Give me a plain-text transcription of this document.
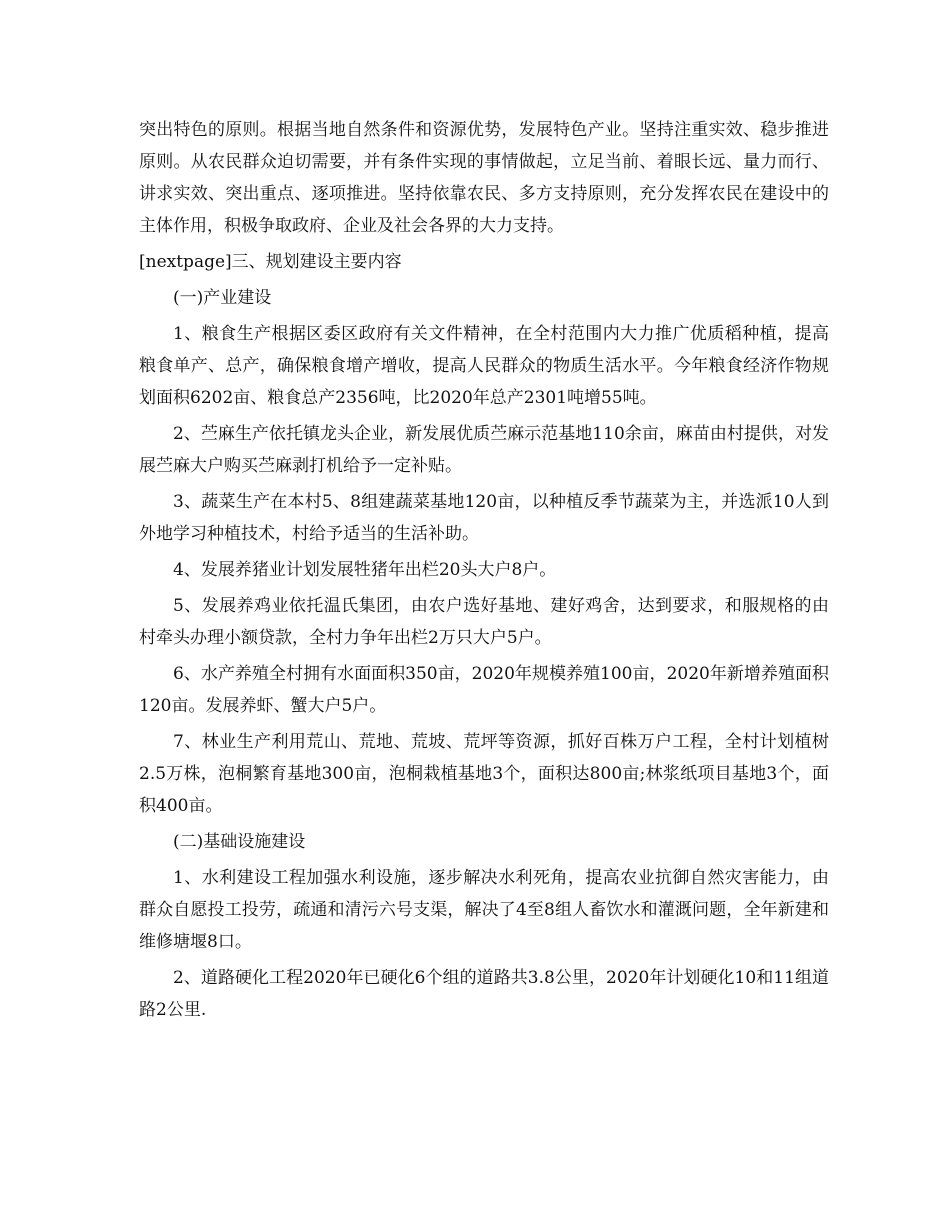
突出特色的原则。根据当地自然条件和资源优势，发展特色产业。坚持注重实效、稳步推进原则。从农民群众迫切需要，并有条件实现的事情做起，立足当前、着眼长远、量力而行、讲求实效、突出重点、逐项推进。坚持依靠农民、多方支持原则，充分发挥农民在建设中的主体作用，积极争取政府、企业及社会各界的大力支持。

[nextpage]三、规划建设主要内容

(一)产业建设

1、粮食生产根据区委区政府有关文件精神，在全村范围内大力推广优质稻种植，提高粮食单产、总产，确保粮食增产增收，提高人民群众的物质生活水平。今年粮食经济作物规划面积6202亩、粮食总产2356吨，比2020年总产2301吨增55吨。

2、苎麻生产依托镇龙头企业，新发展优质苎麻示范基地110余亩，麻苗由村提供，对发展苎麻大户购买苎麻剥打机给予一定补贴。

3、蔬菜生产在本村5、8组建蔬菜基地120亩，以种植反季节蔬菜为主，并选派10人到外地学习种植技术，村给予适当的生活补助。

4、发展养猪业计划发展牲猪年出栏20头大户8户。

5、发展养鸡业依托温氏集团，由农户选好基地、建好鸡舍，达到要求，和服规格的由村牵头办理小额贷款，全村力争年出栏2万只大户5户。

6、水产养殖全村拥有水面面积350亩，2020年规模养殖100亩，2020年新增养殖面积120亩。发展养虾、蟹大户5户。

7、林业生产利用荒山、荒地、荒坡、荒坪等资源，抓好百株万户工程，全村计划植树2.5万株，泡桐繁育基地300亩，泡桐栽植基地3个，面积达800亩;林浆纸项目基地3个，面积400亩。

(二)基础设施建设

1、水利建设工程加强水利设施，逐步解决水利死角，提高农业抗御自然灾害能力，由群众自愿投工投劳，疏通和清污六号支渠，解决了4至8组人畜饮水和灌溉问题，全年新建和维修塘堰8口。

2、道路硬化工程2020年已硬化6个组的道路共3.8公里，2020年计划硬化10和11组道路2公里.
